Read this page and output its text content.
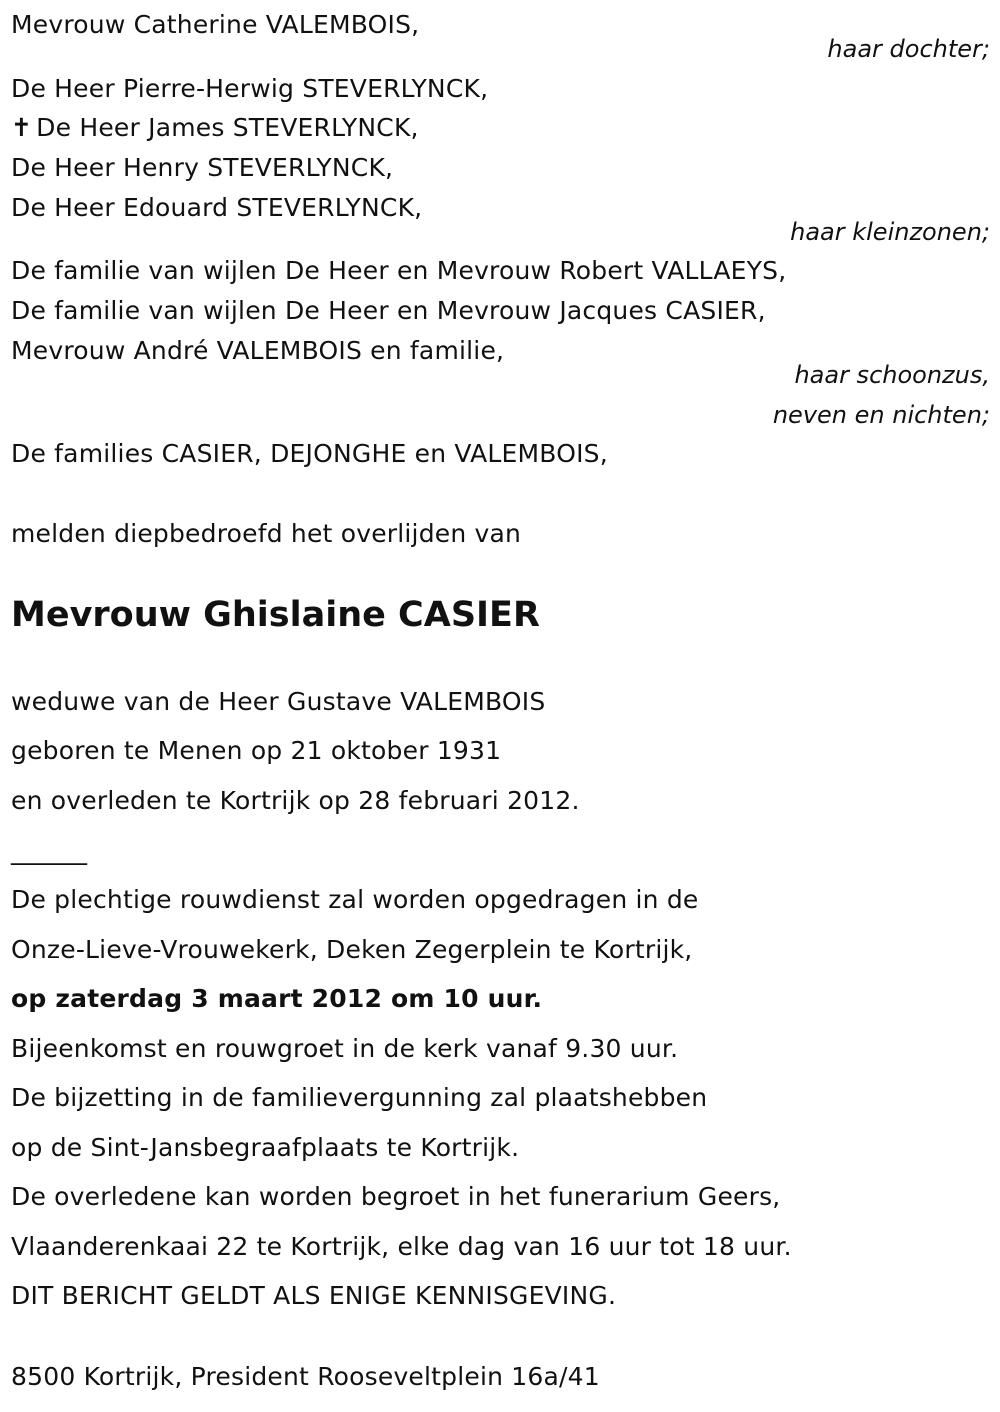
Mevrouw Catherine VALEMBOIS,
haar dochter;
De Heer Pierre-Herwig STEVERLYNCK,
✝ De Heer James STEVERLYNCK,
De Heer Henry STEVERLYNCK,
De Heer Edouard STEVERLYNCK,
haar kleinzonen;
De familie van wijlen De Heer en Mevrouw Robert VALLAEYS,
De familie van wijlen De Heer en Mevrouw Jacques CASIER,
Mevrouw André VALEMBOIS en familie,
haar schoonzus,
neven en nichten;
De families CASIER, DEJONGHE en VALEMBOIS,
melden diepbedroefd het overlijden van
Mevrouw Ghislaine CASIER
weduwe van de Heer Gustave VALEMBOIS
geboren te Menen op 21 oktober 1931
en overleden te Kortrijk op 28 februari 2012.
______
De plechtige rouwdienst zal worden opgedragen in de
Onze-Lieve-Vrouwekerk, Deken Zegerplein te Kortrijk,
op zaterdag 3 maart 2012 om 10 uur.
Bijeenkomst en rouwgroet in de kerk vanaf 9.30 uur.
De bijzetting in de familievergunning zal plaatshebben
op de Sint-Jansbegraafplaats te Kortrijk.
De overledene kan worden begroet in het funerarium Geers,
Vlaanderenkaai 22 te Kortrijk, elke dag van 16 uur tot 18 uur.
DIT BERICHT GELDT ALS ENIGE KENNISGEVING.
8500 Kortrijk, President Rooseveltplein 16a/41
